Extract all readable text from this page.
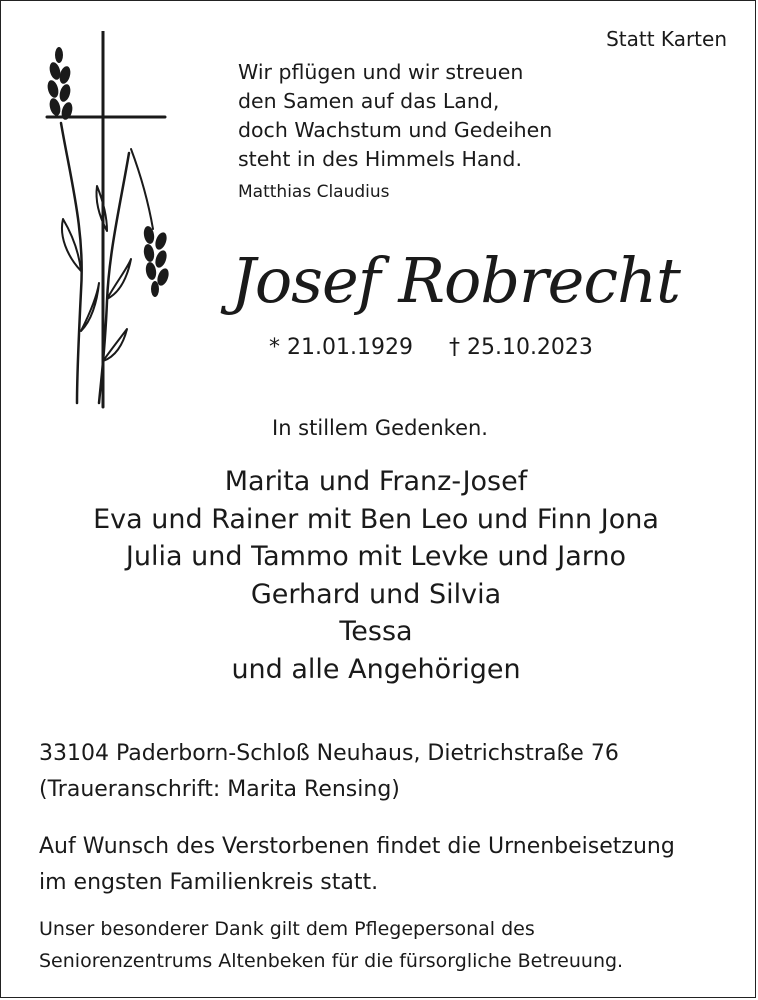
Statt Karten
Wir pflügen und wir streuen
den Samen auf das Land,
doch Wachstum und Gedeihen
steht in des Himmels Hand.
Matthias Claudius
Josef Robrecht
* 21.01.1929 † 25.10.2023
In stillem Gedenken.
Marita und Franz-Josef
Eva und Rainer mit Ben Leo und Finn Jona
Julia und Tammo mit Levke und Jarno
Gerhard und Silvia
Tessa
und alle Angehörigen
33104 Paderborn-Schloß Neuhaus, Dietrichstraße 76
(Traueranschrift: Marita Rensing)
Auf Wunsch des Verstorbenen findet die Urnenbeisetzung
im engsten Familienkreis statt.
Unser besonderer Dank gilt dem Pflegepersonal des
Seniorenzentrums Altenbeken für die fürsorgliche Betreuung.
